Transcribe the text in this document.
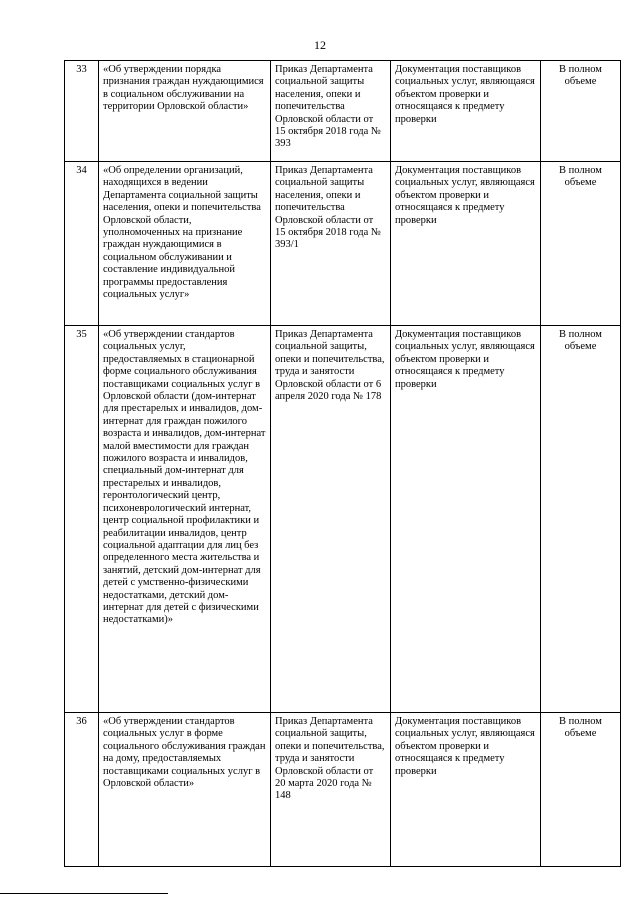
12
33	«Об утверждении порядка признания граждан нуждающимися в социальном обслуживании на территории Орловской области»	Приказ Департамента социальной защиты населения, опеки и попечительства Орловской области от 15 октября 2018 года № 393	Документация поставщиков социальных услуг, являющаяся объектом проверки и относящаяся к предмету проверки	В полном объеме
34	«Об определении организаций, находящихся в ведении Департамента социальной защиты населения, опеки и попечительства Орловской области, уполномоченных на признание граждан нуждающимися в социальном обслуживании и составление индивидуальной программы предоставления социальных услуг»	Приказ Департамента социальной защиты населения, опеки и попечительства Орловской области от 15 октября 2018 года № 393/1	Документация поставщиков социальных услуг, являющаяся объектом проверки и относящаяся к предмету проверки	В полном объеме
35	«Об утверждении стандартов социальных услуг, предоставляемых в стационарной форме социального обслуживания поставщиками социальных услуг в Орловской области (дом-интернат для престарелых и инвалидов, дом-интернат для граждан пожилого возраста и инвалидов, дом-интернат малой вместимости для граждан пожилого возраста и инвалидов, специальный дом-интернат для престарелых и инвалидов, геронтологический центр, психоневрологический интернат, центр социальной профилактики и реабилитации инвалидов, центр социальной адаптации для лиц без определенного места жительства и занятий, детский дом-интернат для детей с умственно-физическими недостатками, детский дом-интернат для детей с физическими недостатками)»	Приказ Департамента социальной защиты, опеки и попечительства, труда и занятости Орловской области от 6 апреля 2020 года № 178	Документация поставщиков социальных услуг, являющаяся объектом проверки и относящаяся к предмету проверки	В полном объеме
36	«Об утверждении стандартов социальных услуг в форме социального обслуживания граждан на дому, предоставляемых поставщиками социальных услуг в Орловской области»	Приказ Департамента социальной защиты, опеки и попечительства, труда и занятости Орловской области от 20 марта 2020 года № 148	Документация поставщиков социальных услуг, являющаяся объектом проверки и относящаяся к предмету проверки	В полном объеме
